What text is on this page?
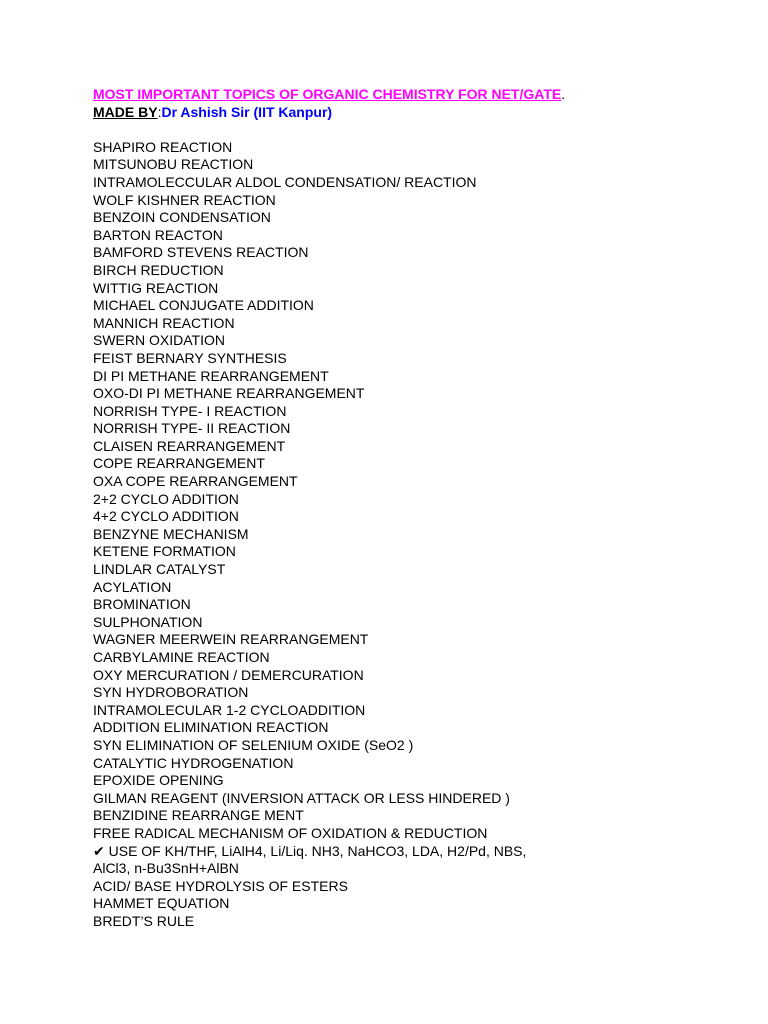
MOST IMPORTANT TOPICS OF ORGANIC CHEMISTRY FOR NET/GATE.
MADE BY:Dr Ashish Sir (IIT Kanpur)
SHAPIRO REACTION
MITSUNOBU REACTION
INTRAMOLECCULAR ALDOL CONDENSATION/ REACTION
WOLF KISHNER REACTION
BENZOIN CONDENSATION
BARTON REACTON
BAMFORD STEVENS REACTION
BIRCH REDUCTION
WITTIG REACTION
MICHAEL CONJUGATE ADDITION
MANNICH REACTION
SWERN OXIDATION
FEIST BERNARY SYNTHESIS
DI PI METHANE REARRANGEMENT
OXO-DI PI METHANE REARRANGEMENT
NORRISH TYPE- I REACTION
NORRISH TYPE- II REACTION
CLAISEN REARRANGEMENT
COPE REARRANGEMENT
OXA COPE REARRANGEMENT
2+2 CYCLO ADDITION
4+2 CYCLO ADDITION
BENZYNE MECHANISM
KETENE FORMATION
LINDLAR CATALYST
ACYLATION
BROMINATION
SULPHONATION
WAGNER MEERWEIN REARRANGEMENT
CARBYLAMINE REACTION
OXY MERCURATION / DEMERCURATION
SYN HYDROBORATION
INTRAMOLECULAR 1-2 CYCLOADDITION
ADDITION ELIMINATION REACTION
SYN ELIMINATION OF SELENIUM OXIDE (SeO2 )
CATALYTIC HYDROGENATION
EPOXIDE OPENING
GILMAN REAGENT (INVERSION ATTACK OR LESS HINDERED )
BENZIDINE REARRANGE MENT
FREE RADICAL MECHANISM OF OXIDATION & REDUCTION
✔ USE OF KH/THF, LiAlH4, Li/Liq. NH3, NaHCO3, LDA, H2/Pd, NBS,
AlCl3, n-Bu3SnH+AlBN
ACID/ BASE HYDROLYSIS OF ESTERS
HAMMET EQUATION
BREDT’S RULE
